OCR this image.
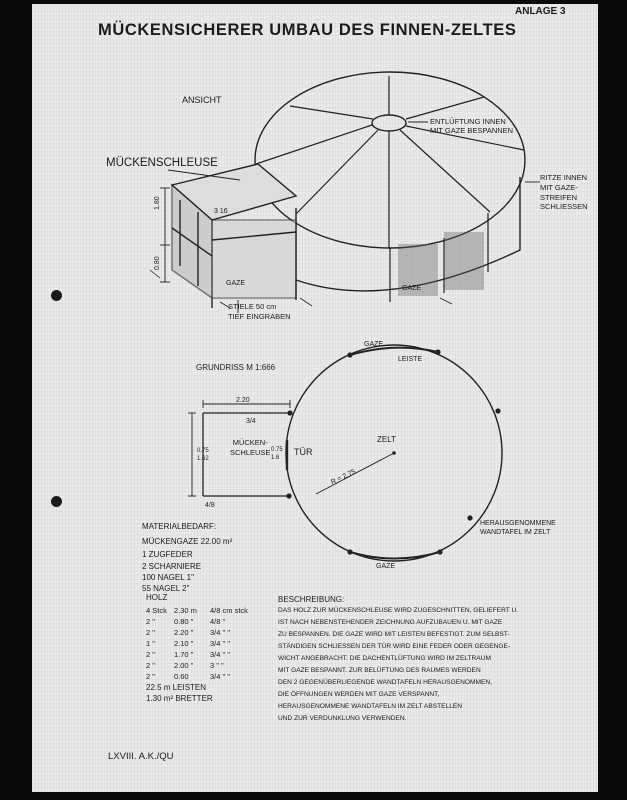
ANLAGE 3
MÜCKENSICHERER UMBAU DES FINNEN-ZELTES
ANSICHT
MÜCKENSCHLEUSE
ENTLÜFTUNG INNEN
MIT GAZE BESPANNEN
RITZE INNEN
MIT GAZE-
STREIFEN
SCHLIESSEN
1.80
0.80
3 16
GAZE
GAZE
STIELE 50 cm
TIEF EINGRABEN
GRUNDRISS M 1:666
GAZE
LEISTE
2.20
3/4
MÜCKEN-
SCHLEUSE
0.75
1.62
0.75
1.6
TÜR
ZELT
R = 2.75
4/8
HERAUSGENOMMENE
WANDTAFEL IM ZELT
GAZE
MATERIALBEDARF:
MÜCKENGAZE 22.00 m²
1 ZUGFEDER
2 SCHARNIERE
100 NAGEL 1"
55 NAGEL 2"
HOLZ
4 Stck 2.30 m 4/8 cm stck
2 "	0.80 " 4/8 "
2 "	2.20 " 3/4 " "
1 "	2.10 " 3/4 " "
2 "	1.70 " 3/4 " "
2 "	2.00 " 3 " "
2 "	0.60	3/4 " "
22.5 m LEISTEN
1.30 m² BRETTER
BESCHREIBUNG:
DAS HOLZ ZUR MÜCKENSCHLEUSE WIRD ZUGESCHNITTEN, GELIEFERT U.
IST NACH NEBENSTEHENDER ZEICHNUNG AUFZUBAUEN U. MIT GAZE
ZU BESPANNEN. DIE GAZE WIRD MIT LEISTEN BEFESTIGT. ZUM SELBST-
STÄNDIGEN SCHLIESSEN DER TÜR WIRD EINE FEDER ODER GEGENGE-
WICHT ANGEBRACHT. DIE DACHENTLÜFTUNG WIRD IM ZELTRAUM
MIT GAZE BESPANNT. ZUR BELÜFTUNG DES RAUMES WERDEN
DEN 2 GEGENÜBERLIEGENDE WANDTAFELN HERAUSGENOMMEN,
DIE ÖFFNUNGEN WERDEN MIT GAZE VERSPANNT,
HERAUSGENOMMENE WANDTAFELN IM ZELT ABSTELLEN
UND ZUR VERDUNKLUNG VERWENDEN.
LXVIII. A.K./QU
